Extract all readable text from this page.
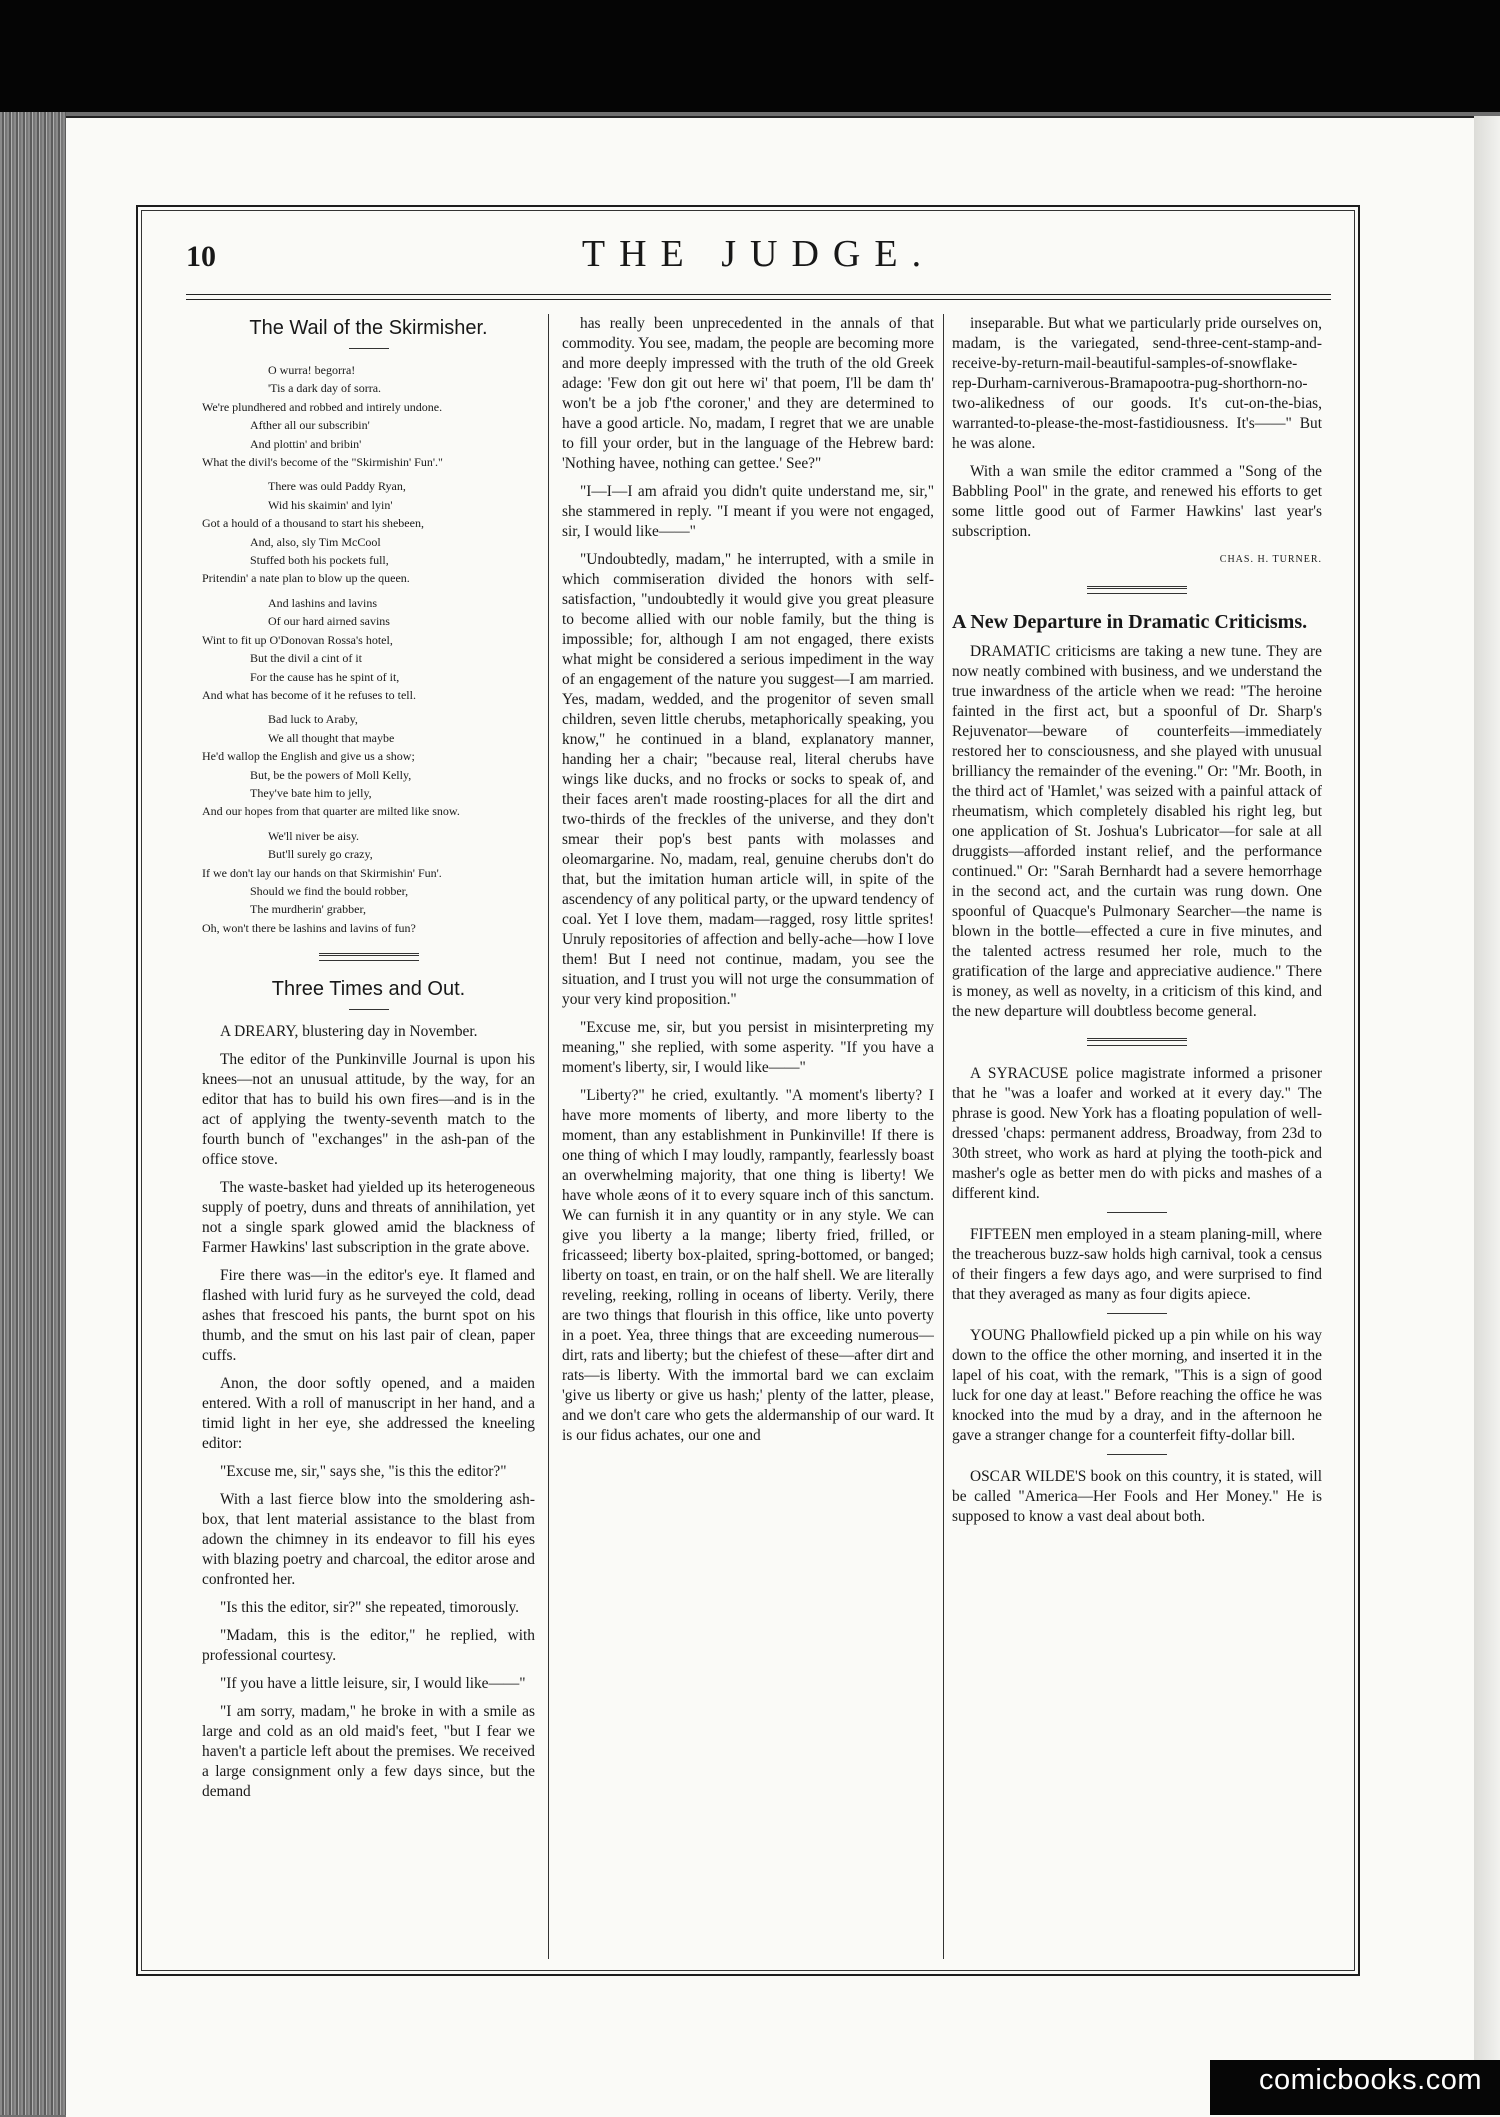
10	THE JUDGE.
The Wail of the Skirmisher.
O wurra! begorra!
'Tis a dark day of sorra.
We're plundhered and robbed and intirely undone.
Afther all our subscribin'
And plottin' and bribin'
What the divil's become of the "Skirmishin' Fun'."
There was ould Paddy Ryan,
Wid his skaimin' and lyin'
Got a hould of a thousand to start his shebeen,
And, also, sly Tim McCool
Stuffed both his pockets full,
Pritendin' a nate plan to blow up the queen.
And lashins and lavins
Of our hard airned savins
Wint to fit up O'Donovan Rossa's hotel,
But the divil a cint of it
For the cause has he spint of it,
And what has become of it he refuses to tell.
Bad luck to Araby,
We all thought that maybe
He'd wallop the English and give us a show;
But, be the powers of Moll Kelly,
They've bate him to jelly,
And our hopes from that quarter are milted like snow.
We'll niver be aisy.
But'll surely go crazy,
If we don't lay our hands on that Skirmishin' Fun'.
Should we find the bould robber,
The murdherin' grabber,
Oh, won't there be lashins and lavins of fun?
Three Times and Out.

A DREARY, blustering day in November.

The editor of the Punkinville Journal is upon his knees—not an unusual attitude, by the way, for an editor that has to build his own fires—and is in the act of applying the twenty-seventh match to the fourth bunch of "exchanges" in the ash-pan of the office stove.

The waste-basket had yielded up its heterogeneous supply of poetry, duns and threats of annihilation, yet not a single spark glowed amid the blackness of Farmer Hawkins' last subscription in the grate above.

Fire there was—in the editor's eye. It flamed and flashed with lurid fury as he surveyed the cold, dead ashes that frescoed his pants, the burnt spot on his thumb, and the smut on his last pair of clean, paper cuffs.

Anon, the door softly opened, and a maiden entered. With a roll of manuscript in her hand, and a timid light in her eye, she addressed the kneeling editor:

"Excuse me, sir," says she, "is this the editor?"

With a last fierce blow into the smoldering ash-box, that lent material assistance to the blast from adown the chimney in its endeavor to fill his eyes with blazing poetry and charcoal, the editor arose and confronted her.

"Is this the editor, sir?" she repeated, timorously.

"Madam, this is the editor," he replied, with professional courtesy.

"If you have a little leisure, sir, I would like——"

"I am sorry, madam," he broke in with a smile as large and cold as an old maid's feet, "but I fear we haven't a particle left about the premises. We received a large consignment only a few days since, but the demand

has really been unprecedented in the annals of that commodity. You see, madam, the people are becoming more and more deeply impressed with the truth of the old Greek adage: 'Few don git out here wi' that poem, I'll be dam th' won't be a job f'the coroner,' and they are determined to have a good article. No, madam, I regret that we are unable to fill your order, but in the language of the Hebrew bard: 'Nothing havee, nothing can gettee.' See?"

"I—I—I am afraid you didn't quite understand me, sir," she stammered in reply. "I meant if you were not engaged, sir, I would like——"

"Undoubtedly, madam," he interrupted, with a smile in which commiseration divided the honors with self-satisfaction, "undoubtedly it would give you great pleasure to become allied with our noble family, but the thing is impossible; for, although I am not engaged, there exists what might be considered a serious impediment in the way of an engagement of the nature you suggest—I am married. Yes, madam, wedded, and the progenitor of seven small children, seven little cherubs, metaphorically speaking, you know," he continued in a bland, explanatory manner, handing her a chair; "because real, literal cherubs have wings like ducks, and no frocks or socks to speak of, and their faces aren't made roosting-places for all the dirt and two-thirds of the freckles of the universe, and they don't smear their pop's best pants with molasses and oleomargarine. No, madam, real, genuine cherubs don't do that, but the imitation human article will, in spite of the ascendency of any political party, or the upward tendency of coal. Yet I love them, madam—ragged, rosy little sprites! Unruly repositories of affection and belly-ache—how I love them! But I need not continue, madam, you see the situation, and I trust you will not urge the consummation of your very kind proposition."

"Excuse me, sir, but you persist in misinterpreting my meaning," she replied, with some asperity. "If you have a moment's liberty, sir, I would like——"

"Liberty?" he cried, exultantly. "A moment's liberty? I have more moments of liberty, and more liberty to the moment, than any establishment in Punkinville! If there is one thing of which I may loudly, rampantly, fearlessly boast an overwhelming majority, that one thing is liberty! We have whole æons of it to every square inch of this sanctum. We can furnish it in any quantity or in any style. We can give you liberty a la mange; liberty fried, frilled, or fricasseed; liberty box-plaited, spring-bottomed, or banged; liberty on toast, en train, or on the half shell. We are literally reveling, reeking, rolling in oceans of liberty. Verily, there are two things that flourish in this office, like unto poverty in a poet. Yea, three things that are exceeding numerous—dirt, rats and liberty; but the chiefest of these—after dirt and rats—is liberty. With the immortal bard we can exclaim 'give us liberty or give us hash;' plenty of the latter, please, and we don't care who gets the aldermanship of our ward. It is our fidus achates, our one and

inseparable. But what we particularly pride ourselves on, madam, is the variegated, send-three-cent-stamp-and-receive-by-return-mail-beautiful-samples-of-snowflake-rep-Durham-carniverous-Bramapootra-pug-shorthorn-no-two-alikedness of our goods. It's cut-on-the-bias, warranted-to-please-the-most-fastidiousness. It's——" But he was alone.

With a wan smile the editor crammed a "Song of the Babbling Pool" in the grate, and renewed his efforts to get some little good out of Farmer Hawkins' last year's subscription.

CHAS. H. TURNER.
A New Departure in Dramatic Criticisms.

DRAMATIC criticisms are taking a new tune. They are now neatly combined with business, and we understand the true inwardness of the article when we read: "The heroine fainted in the first act, but a spoonful of Dr. Sharp's Rejuvenator—beware of counterfeits—immediately restored her to consciousness, and she played with unusual brilliancy the remainder of the evening." Or: "Mr. Booth, in the third act of 'Hamlet,' was seized with a painful attack of rheumatism, which completely disabled his right leg, but one application of St. Joshua's Lubricator—for sale at all druggists—afforded instant relief, and the performance continued." Or: "Sarah Bernhardt had a severe hemorrhage in the second act, and the curtain was rung down. One spoonful of Quacque's Pulmonary Searcher—the name is blown in the bottle—effected a cure in five minutes, and the talented actress resumed her role, much to the gratification of the large and appreciative audience." There is money, as well as novelty, in a criticism of this kind, and the new departure will doubtless become general.

A SYRACUSE police magistrate informed a prisoner that he "was a loafer and worked at it every day." The phrase is good. New York has a floating population of well-dressed 'chaps: permanent address, Broadway, from 23d to 30th street, who work as hard at plying the tooth-pick and masher's ogle as better men do with picks and mashes of a different kind.

FIFTEEN men employed in a steam planing-mill, where the treacherous buzz-saw holds high carnival, took a census of their fingers a few days ago, and were surprised to find that they averaged as many as four digits apiece.

YOUNG Phallowfield picked up a pin while on his way down to the office the other morning, and inserted it in the lapel of his coat, with the remark, "This is a sign of good luck for one day at least." Before reaching the office he was knocked into the mud by a dray, and in the afternoon he gave a stranger change for a counterfeit fifty-dollar bill.

OSCAR WILDE'S book on this country, it is stated, will be called "America—Her Fools and Her Money." He is supposed to know a vast deal about both.

comicbooks.com
